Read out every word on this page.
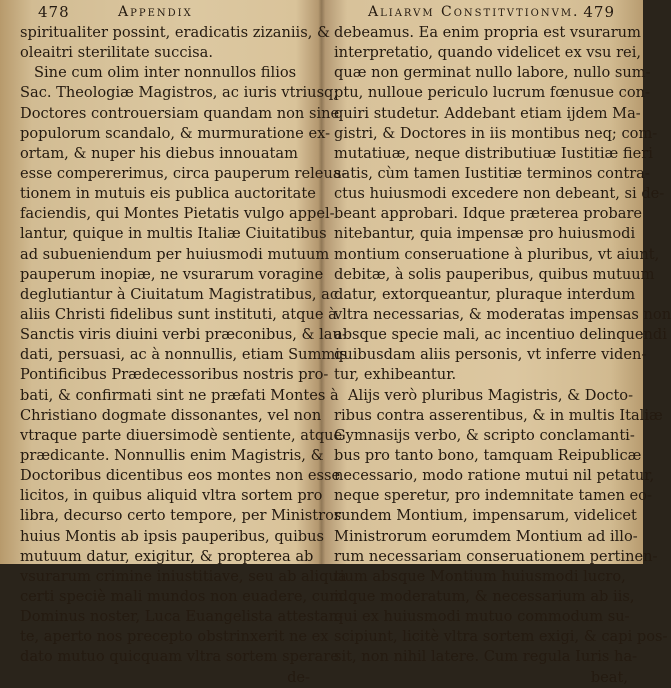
478	Appendix
spiritualiter possint, eradicatis zizaniis, &
oleaitri sterilitate succisa.
Sine cum olim inter nonnullos filios
Sac. Theologiæ Magistros, ac iuris vtriusq;
Doctores controuersiam quandam non sine
populorum scandalo, & murmuratione ex-
ortam, & nuper his diebus innouatam
esse compererimus, circa pauperum releua-
tionem in mutuis eis publica auctoritate
faciendis, qui Montes Pietatis vulgo appel-
lantur, quique in multis Italiæ Ciuitatibus
ad subueniendum per huiusmodi mutuum
pauperum inopiæ, ne vsurarum voragine
deglutiantur à Ciuitatum Magistratibus, ac
aliis Christi fidelibus sunt instituti, atque à
Sanctis viris diuini verbi præconibus, & lau-
dati, persuasi, ac à nonnullis, etiam Summis
Pontificibus Prædecessoribus nostris pro-
bati, & confirmati sint ne præfati Montes à
Christiano dogmate dissonantes, vel non
vtraque parte diuersimodè sentiente, atque
prædicante. Nonnullis enim Magistris, &
Doctoribus dicentibus eos montes non esse
licitos, in quibus aliquid vltra sortem pro
libra, decurso certo tempore, per Ministros
huius Montis ab ipsis pauperibus, quibus
mutuum datur, exigitur, & propterea ab
vsurarum crimine iniustitiave, seu ab aliqua
certi speciè mali mundos non euadere, cum
Dominus noster, Luca Euangelista attestan-
te, aperto nos precepto obstrinxerit ne ex
dato mutuo quicquam vltra sortem sperare
de-
Aliarvm Constitvtionvm. 479
debeamus. Ea enim propria est vsurarum
interpretatio, quando videlicet ex vsu rei,
quæ non germinat nullo labore, nullo sum-
ptu, nulloue periculo lucrum fœnusue con-
quiri studetur. Addebant etiam ijdem Ma-
gistri, & Doctores in iis montibus neq; com-
mutatiuæ, neque distributiuæ Iustitiæ fieri
satis, cùm tamen Iustitiæ terminos contra-
ctus huiusmodi excedere non debeant, si de-
beant approbari. Idque præterea probare
nitebantur, quia impensæ pro huiusmodi
montium conseruatione à pluribus, vt aiunt,
debitæ, à solis pauperibus, quibus mutuum
datur, extorqueantur, pluraque interdum
vltra necessarias, & moderatas impensas non
absque specie mali, ac incentiuo delinquendi
quibusdam aliis personis, vt inferre viden-
tur, exhibeantur.
Alijs verò pluribus Magistris, & Docto-
ribus contra asserentibus, & in multis Italiæ
Gymnasijs verbo, & scripto conclamanti-
bus pro tanto bono, tamquam Reipublicæ
necessario, modo ratione mutui nil petatur,
neque speretur, pro indemnitate tamen eo-
rundem Montium, impensarum, videlicet
Ministrorum eorumdem Montium ad illo-
rum necessariam conseruationem pertinen-
tium absque Montium huiusmodi lucro,
idque moderatum, & necessarium ab iis,
qui ex huiusmodi mutuo commodum su-
scipiunt, licitè vltra sortem exigi, & capi pos-
sit, non nihil latere. Cum regula Iuris ha-
beat,
